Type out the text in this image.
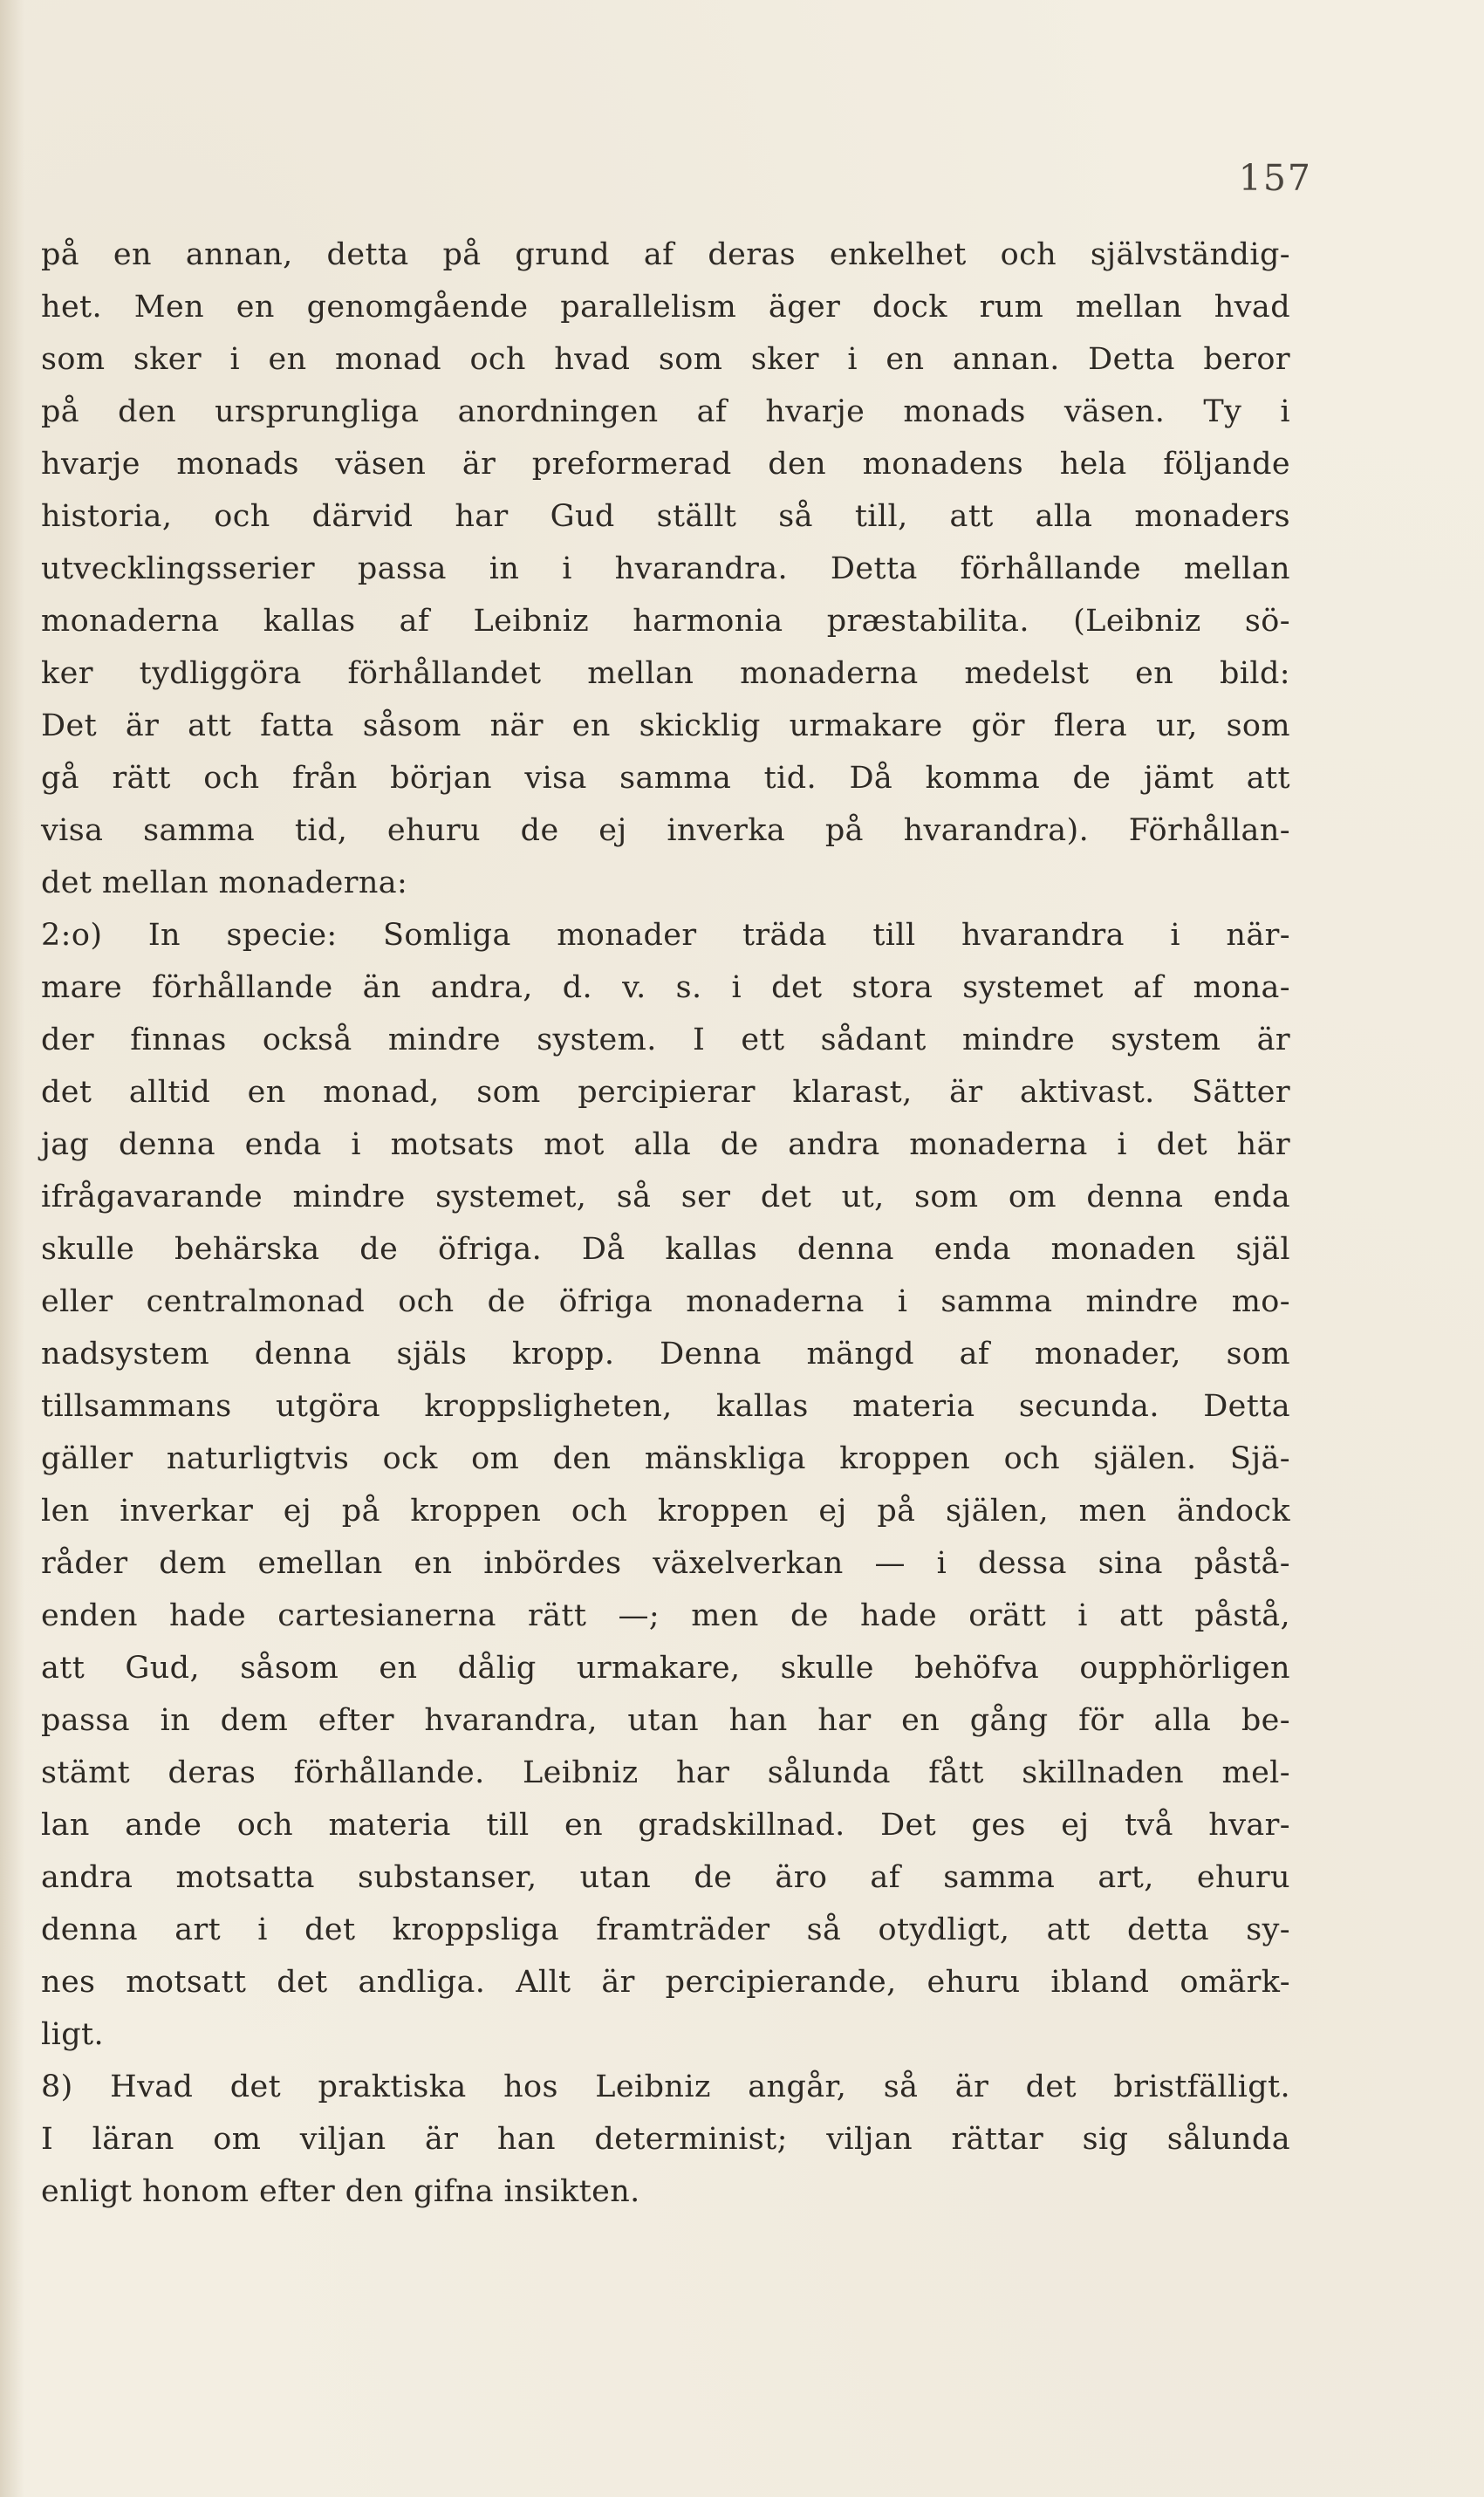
157
på en annan, detta på grund af deras enkelhet och självständig-
het. Men en genomgående parallelism äger dock rum mellan hvad
som sker i en monad och hvad som sker i en annan. Detta beror
på den ursprungliga anordningen af hvarje monads väsen. Ty i
hvarje monads väsen är preformerad den monadens hela följande
historia, och därvid har Gud ställt så till, att alla monaders
utvecklingsserier passa in i hvarandra. Detta förhållande mellan
monaderna kallas af Leibniz harmonia præstabilita. (Leibniz sö-
ker tydliggöra förhållandet mellan monaderna medelst en bild:
Det är att fatta såsom när en skicklig urmakare gör flera ur, som
gå rätt och från början visa samma tid. Då komma de jämt att
visa samma tid, ehuru de ej inverka på hvarandra). Förhållan-
det mellan monaderna:
2:o) In specie: Somliga monader träda till hvarandra i när-
mare förhållande än andra, d. v. s. i det stora systemet af mona-
der finnas också mindre system. I ett sådant mindre system är
det alltid en monad, som percipierar klarast, är aktivast. Sätter
jag denna enda i motsats mot alla de andra monaderna i det här
ifrågavarande mindre systemet, så ser det ut, som om denna enda
skulle behärska de öfriga. Då kallas denna enda monaden själ
eller centralmonad och de öfriga monaderna i samma mindre mo-
nadsystem denna själs kropp. Denna mängd af monader, som
tillsammans utgöra kroppsligheten, kallas materia secunda. Detta
gäller naturligtvis ock om den mänskliga kroppen och själen. Sjä-
len inverkar ej på kroppen och kroppen ej på själen, men ändock
råder dem emellan en inbördes växelverkan — i dessa sina påstå-
enden hade cartesianerna rätt —; men de hade orätt i att påstå,
att Gud, såsom en dålig urmakare, skulle behöfva oupphörligen
passa in dem efter hvarandra, utan han har en gång för alla be-
stämt deras förhållande. Leibniz har sålunda fått skillnaden mel-
lan ande och materia till en gradskillnad. Det ges ej två hvar-
andra motsatta substanser, utan de äro af samma art, ehuru
denna art i det kroppsliga framträder så otydligt, att detta sy-
nes motsatt det andliga. Allt är percipierande, ehuru ibland omärk-
ligt.
8) Hvad det praktiska hos Leibniz angår, så är det bristfälligt.
I läran om viljan är han determinist; viljan rättar sig sålunda
enligt honom efter den gifna insikten.
